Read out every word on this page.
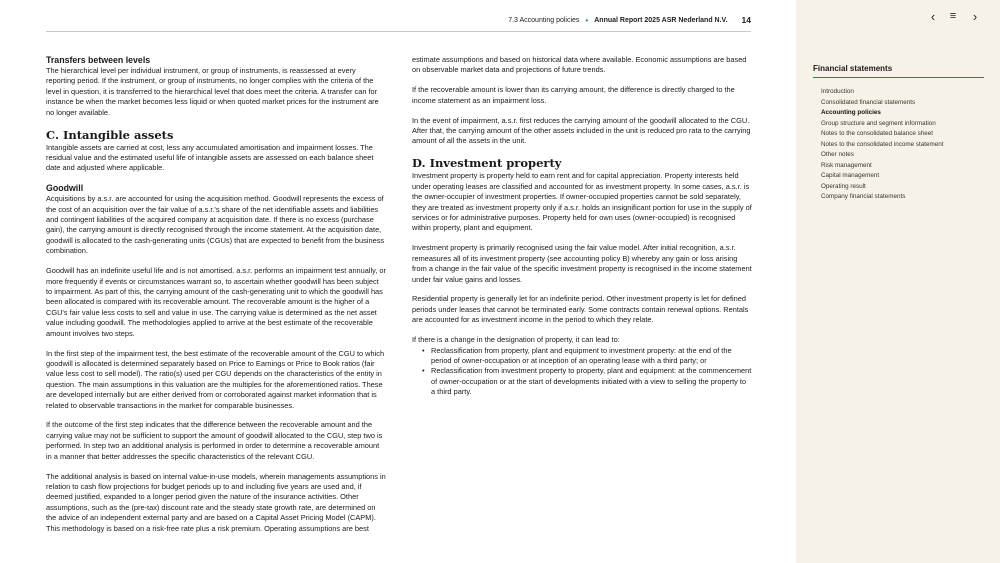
7.3 Accounting policies • Annual Report 2025 ASR Nederland N.V. 14
Transfers between levels

The hierarchical level per individual instrument, or group of instruments, is reassessed at every reporting period. If the instrument, or group of instruments, no longer complies with the criteria of the level in question, it is transferred to the hierarchical level that does meet the criteria. A transfer can for instance be when the market becomes less liquid or when quoted market prices for the instrument are no longer available.

C. Intangible assets

Intangible assets are carried at cost, less any accumulated amortisation and impairment losses. The residual value and the estimated useful life of intangible assets are assessed on each balance sheet date and adjusted where applicable.

Goodwill

Acquisitions by a.s.r. are accounted for using the acquisition method. Goodwill represents the excess of the cost of an acquisition over the fair value of a.s.r.'s share of the net identifiable assets and liabilities and contingent liabilities of the acquired company at acquisition date. If there is no excess (purchase gain), the carrying amount is directly recognised through the income statement. At the acquisition date, goodwill is allocated to the cash-generating units (CGUs) that are expected to benefit from the business combination.

Goodwill has an indefinite useful life and is not amortised. a.s.r. performs an impairment test annually, or more frequently if events or circumstances warrant so, to ascertain whether goodwill has been subject to impairment. As part of this, the carrying amount of the cash-generating unit to which the goodwill has been allocated is compared with its recoverable amount. The recoverable amount is the higher of a CGU's fair value less costs to sell and value in use. The carrying value is determined as the net asset value including goodwill. The methodologies applied to arrive at the best estimate of the recoverable amount involves two steps.

In the first step of the impairment test, the best estimate of the recoverable amount of the CGU to which goodwill is allocated is determined separately based on Price to Earnings or Price to Book ratios (fair value less cost to sell model). The ratio(s) used per CGU depends on the characteristics of the entity in question. The main assumptions in this valuation are the multiples for the aforementioned ratios. These are developed internally but are either derived from or corroborated against market information that is related to observable transactions in the market for comparable businesses.

If the outcome of the first step indicates that the difference between the recoverable amount and the carrying value may not be sufficient to support the amount of goodwill allocated to the CGU, step two is performed. In step two an additional analysis is performed in order to determine a recoverable amount in a manner that better addresses the specific characteristics of the relevant CGU.

The additional analysis is based on internal value-in-use models, wherein managements assumptions in relation to cash flow projections for budget periods up to and including five years are used and, if deemed justified, expanded to a longer period given the nature of the insurance activities. Other assumptions, such as the (pre-tax) discount rate and the steady state growth rate, are determined on the advice of an independent external party and are based on a Capital Asset Pricing Model (CAPM). This methodology is based on a risk-free rate plus a risk premium. Operating assumptions are best

estimate assumptions and based on historical data where available. Economic assumptions are based on observable market data and projections of future trends.

If the recoverable amount is lower than its carrying amount, the difference is directly charged to the income statement as an impairment loss.

In the event of impairment, a.s.r. first reduces the carrying amount of the goodwill allocated to the CGU. After that, the carrying amount of the other assets included in the unit is reduced pro rata to the carrying amount of all the assets in the unit.

D. Investment property

Investment property is property held to earn rent and for capital appreciation. Property interests held under operating leases are classified and accounted for as investment property. In some cases, a.s.r. is the owner-occupier of investment properties. If owner-occupied properties cannot be sold separately, they are treated as investment property only if a.s.r. holds an insignificant portion for use in the supply of services or for administrative purposes. Property held for own uses (owner-occupied) is recognised within property, plant and equipment.

Investment property is primarily recognised using the fair value model. After initial recognition, a.s.r. remeasures all of its investment property (see accounting policy B) whereby any gain or loss arising from a change in the fair value of the specific investment property is recognised in the income statement under fair value gains and losses.

Residential property is generally let for an indefinite period. Other investment property is let for defined periods under leases that cannot be terminated early. Some contracts contain renewal options. Rentals are accounted for as investment income in the period to which they relate.

If there is a change in the designation of property, it can lead to:

• Reclassification from property, plant and equipment to investment property: at the end of the period of owner-occupation or at inception of an operating lease with a third party; or
• Reclassification from investment property to property, plant and equipment: at the commencement of owner-occupation or at the start of developments initiated with a view to selling the property to a third party.
‹ ≡ ›
Financial statements
Introduction
Consolidated financial statements
Accounting policies
Group structure and segment information
Notes to the consolidated balance sheet
Notes to the consolidated income statement
Other notes
Risk management
Capital management
Operating result
Company financial statements
